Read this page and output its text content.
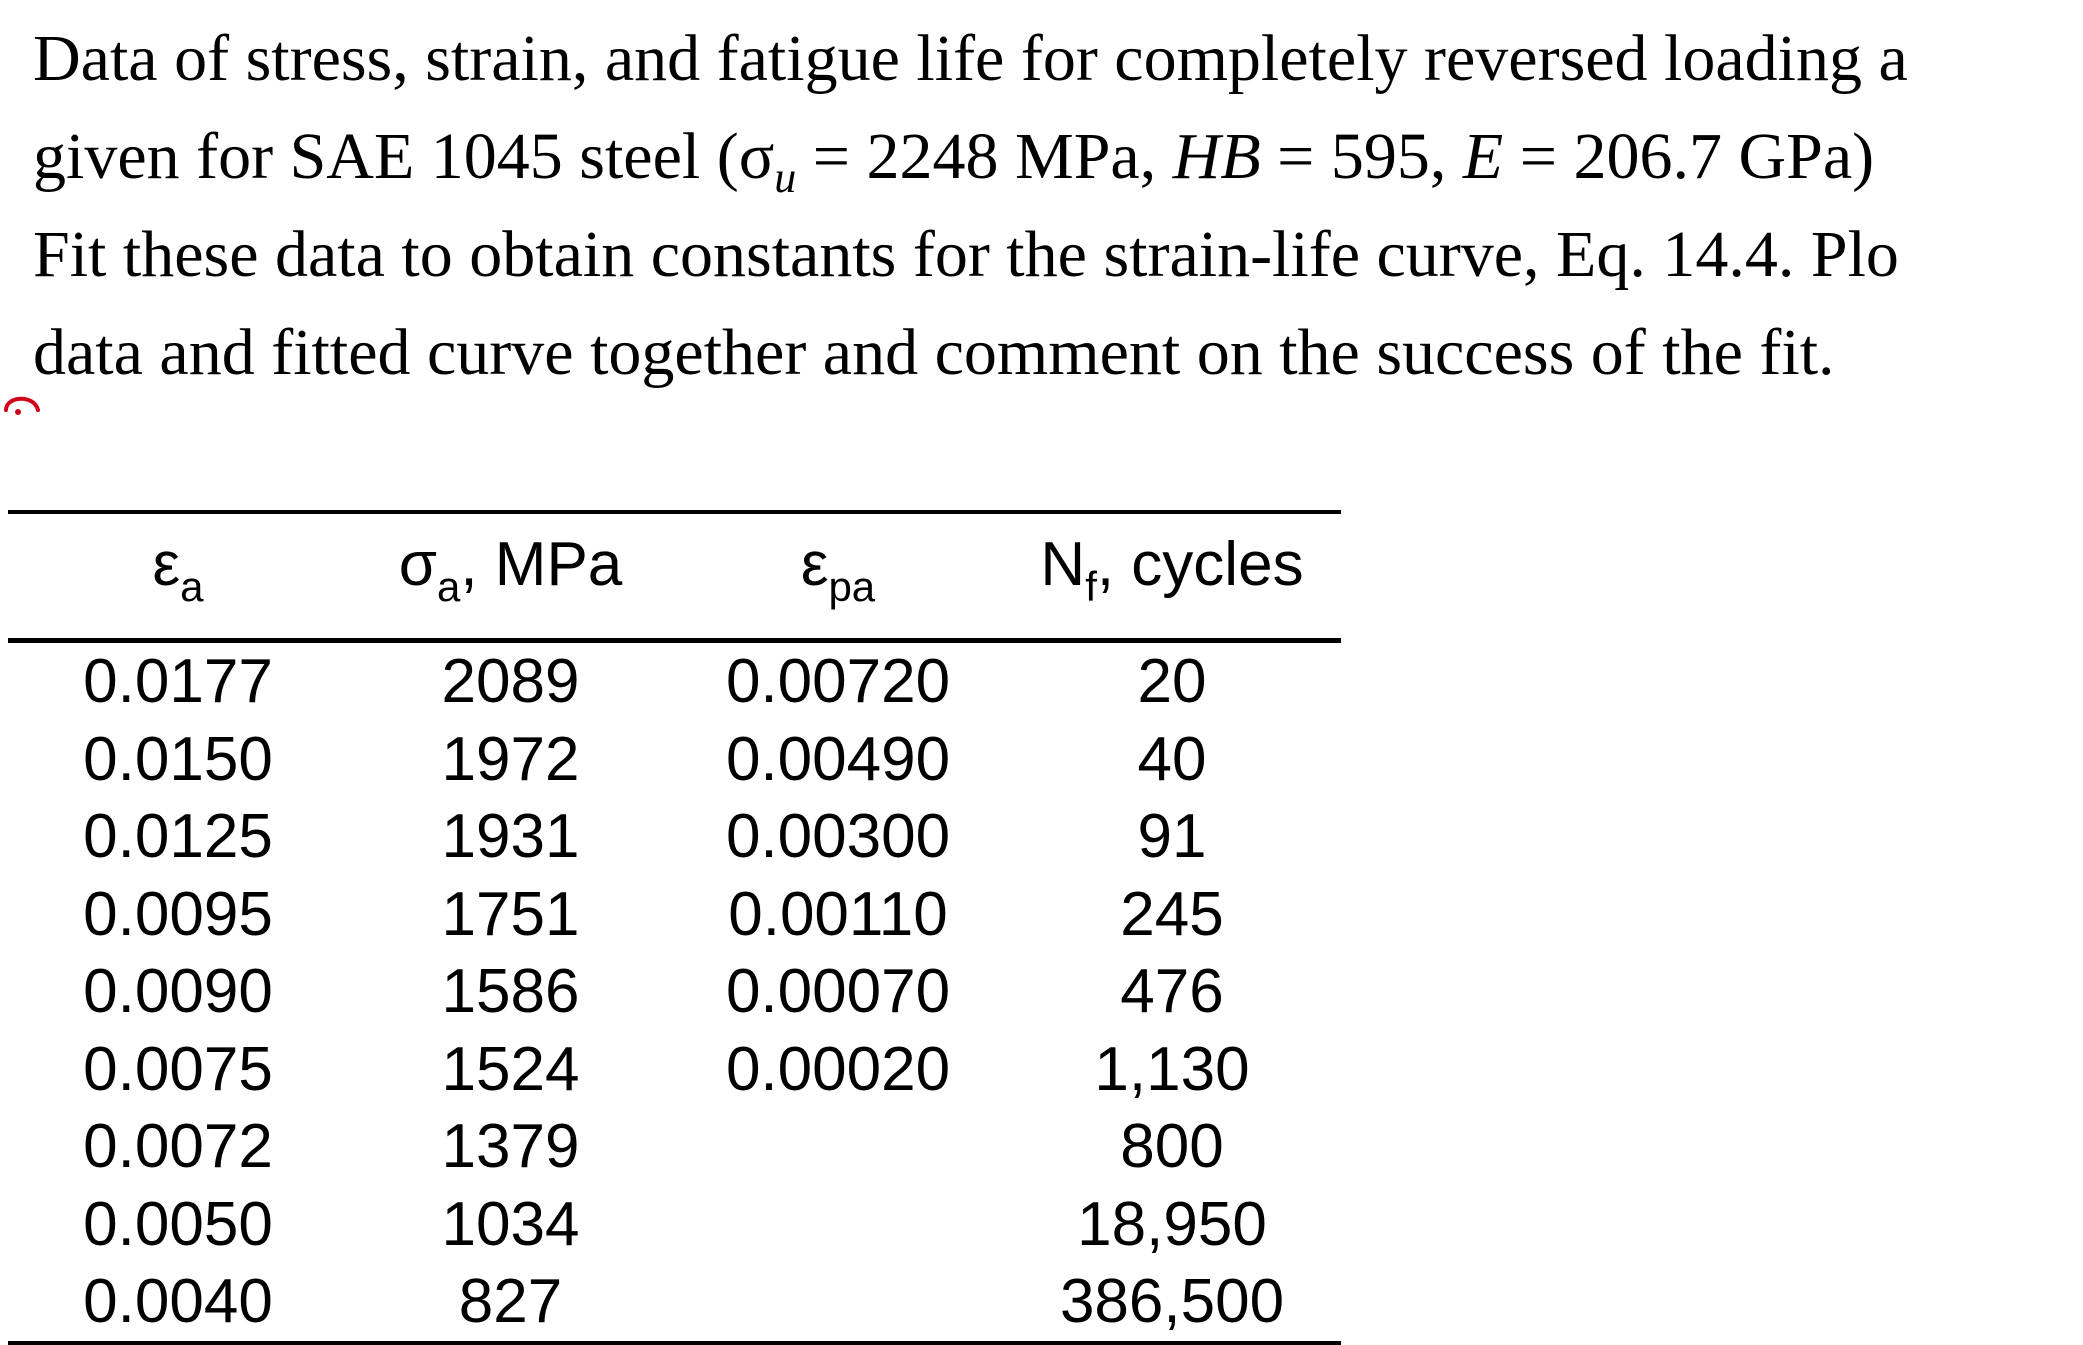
Data of stress, strain, and fatigue life for completely reversed loading a
given for SAE 1045 steel ($\sigma_u = 2248$ MPa, HB = 595, E = 206.7 GPa)
Fit these data to obtain constants for the strain-life curve, Eq. 14.4. Plo
data and fitted curve together and comment on the success of the fit.
$\varepsilon_a$	$\sigma_a$, MPa	$\varepsilon_{pa}$	$N_f$, cycles
0.0177	2089	0.00720	20
0.0150	1972	0.00490	40
0.0125	1931	0.00300	91
0.0095	1751	0.00110	245
0.0090	1586	0.00070	476
0.0075	1524	0.00020	1,130
0.0072	1379		800
0.0050	1034		18,950
0.0040	827		386,500
